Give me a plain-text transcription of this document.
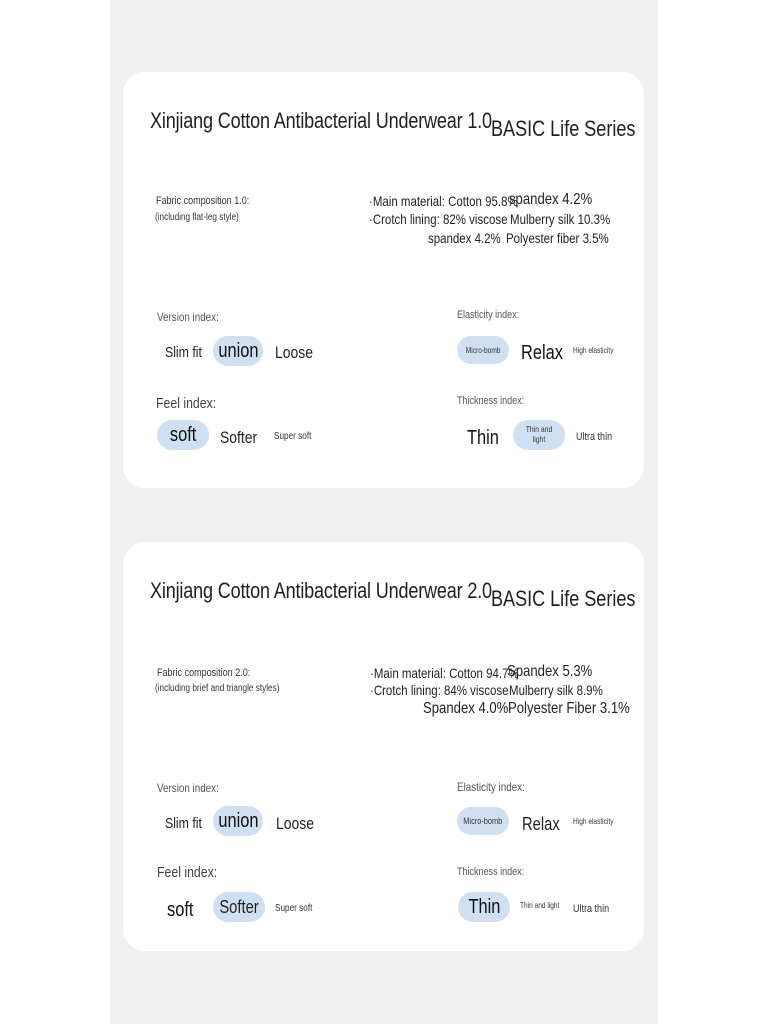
Xinjiang Cotton Antibacterial Underwear 1.0 BASIC Life Series
Fabric composition 1.0:
(including flat-leg style)
·Main material: Cotton 95.8%
spandex 4.2%
·Crotch lining: 82% viscose Mulberry silk 10.3%
spandex 4.2% Polyester fiber 3.5%
Version index:
Slim fit union Loose
Elasticity index:
Micro-bomb Relax	High elasticity
Feel index:
soft Softer	Super soft
Thickness index:
Thin	Thin and light	Ultra thin
Xinjiang Cotton Antibacterial Underwear 2.0 BASIC Life Series
Fabric composition 2.0:
(including brief and triangle styles)
·Main material: Cotton 94.7%
Spandex 5.3%
·Crotch lining: 84% viscose Mulberry silk 8.9%
Spandex 4.0% Polyester Fiber 3.1%
Version index:
union
Slim fit	Loose
Elasticity index:
Micro-bomb Relax	High elasticity
Feel index:
soft	Softer Super soft
Thickness index:
Thin	Thin and light	Ultra thin
